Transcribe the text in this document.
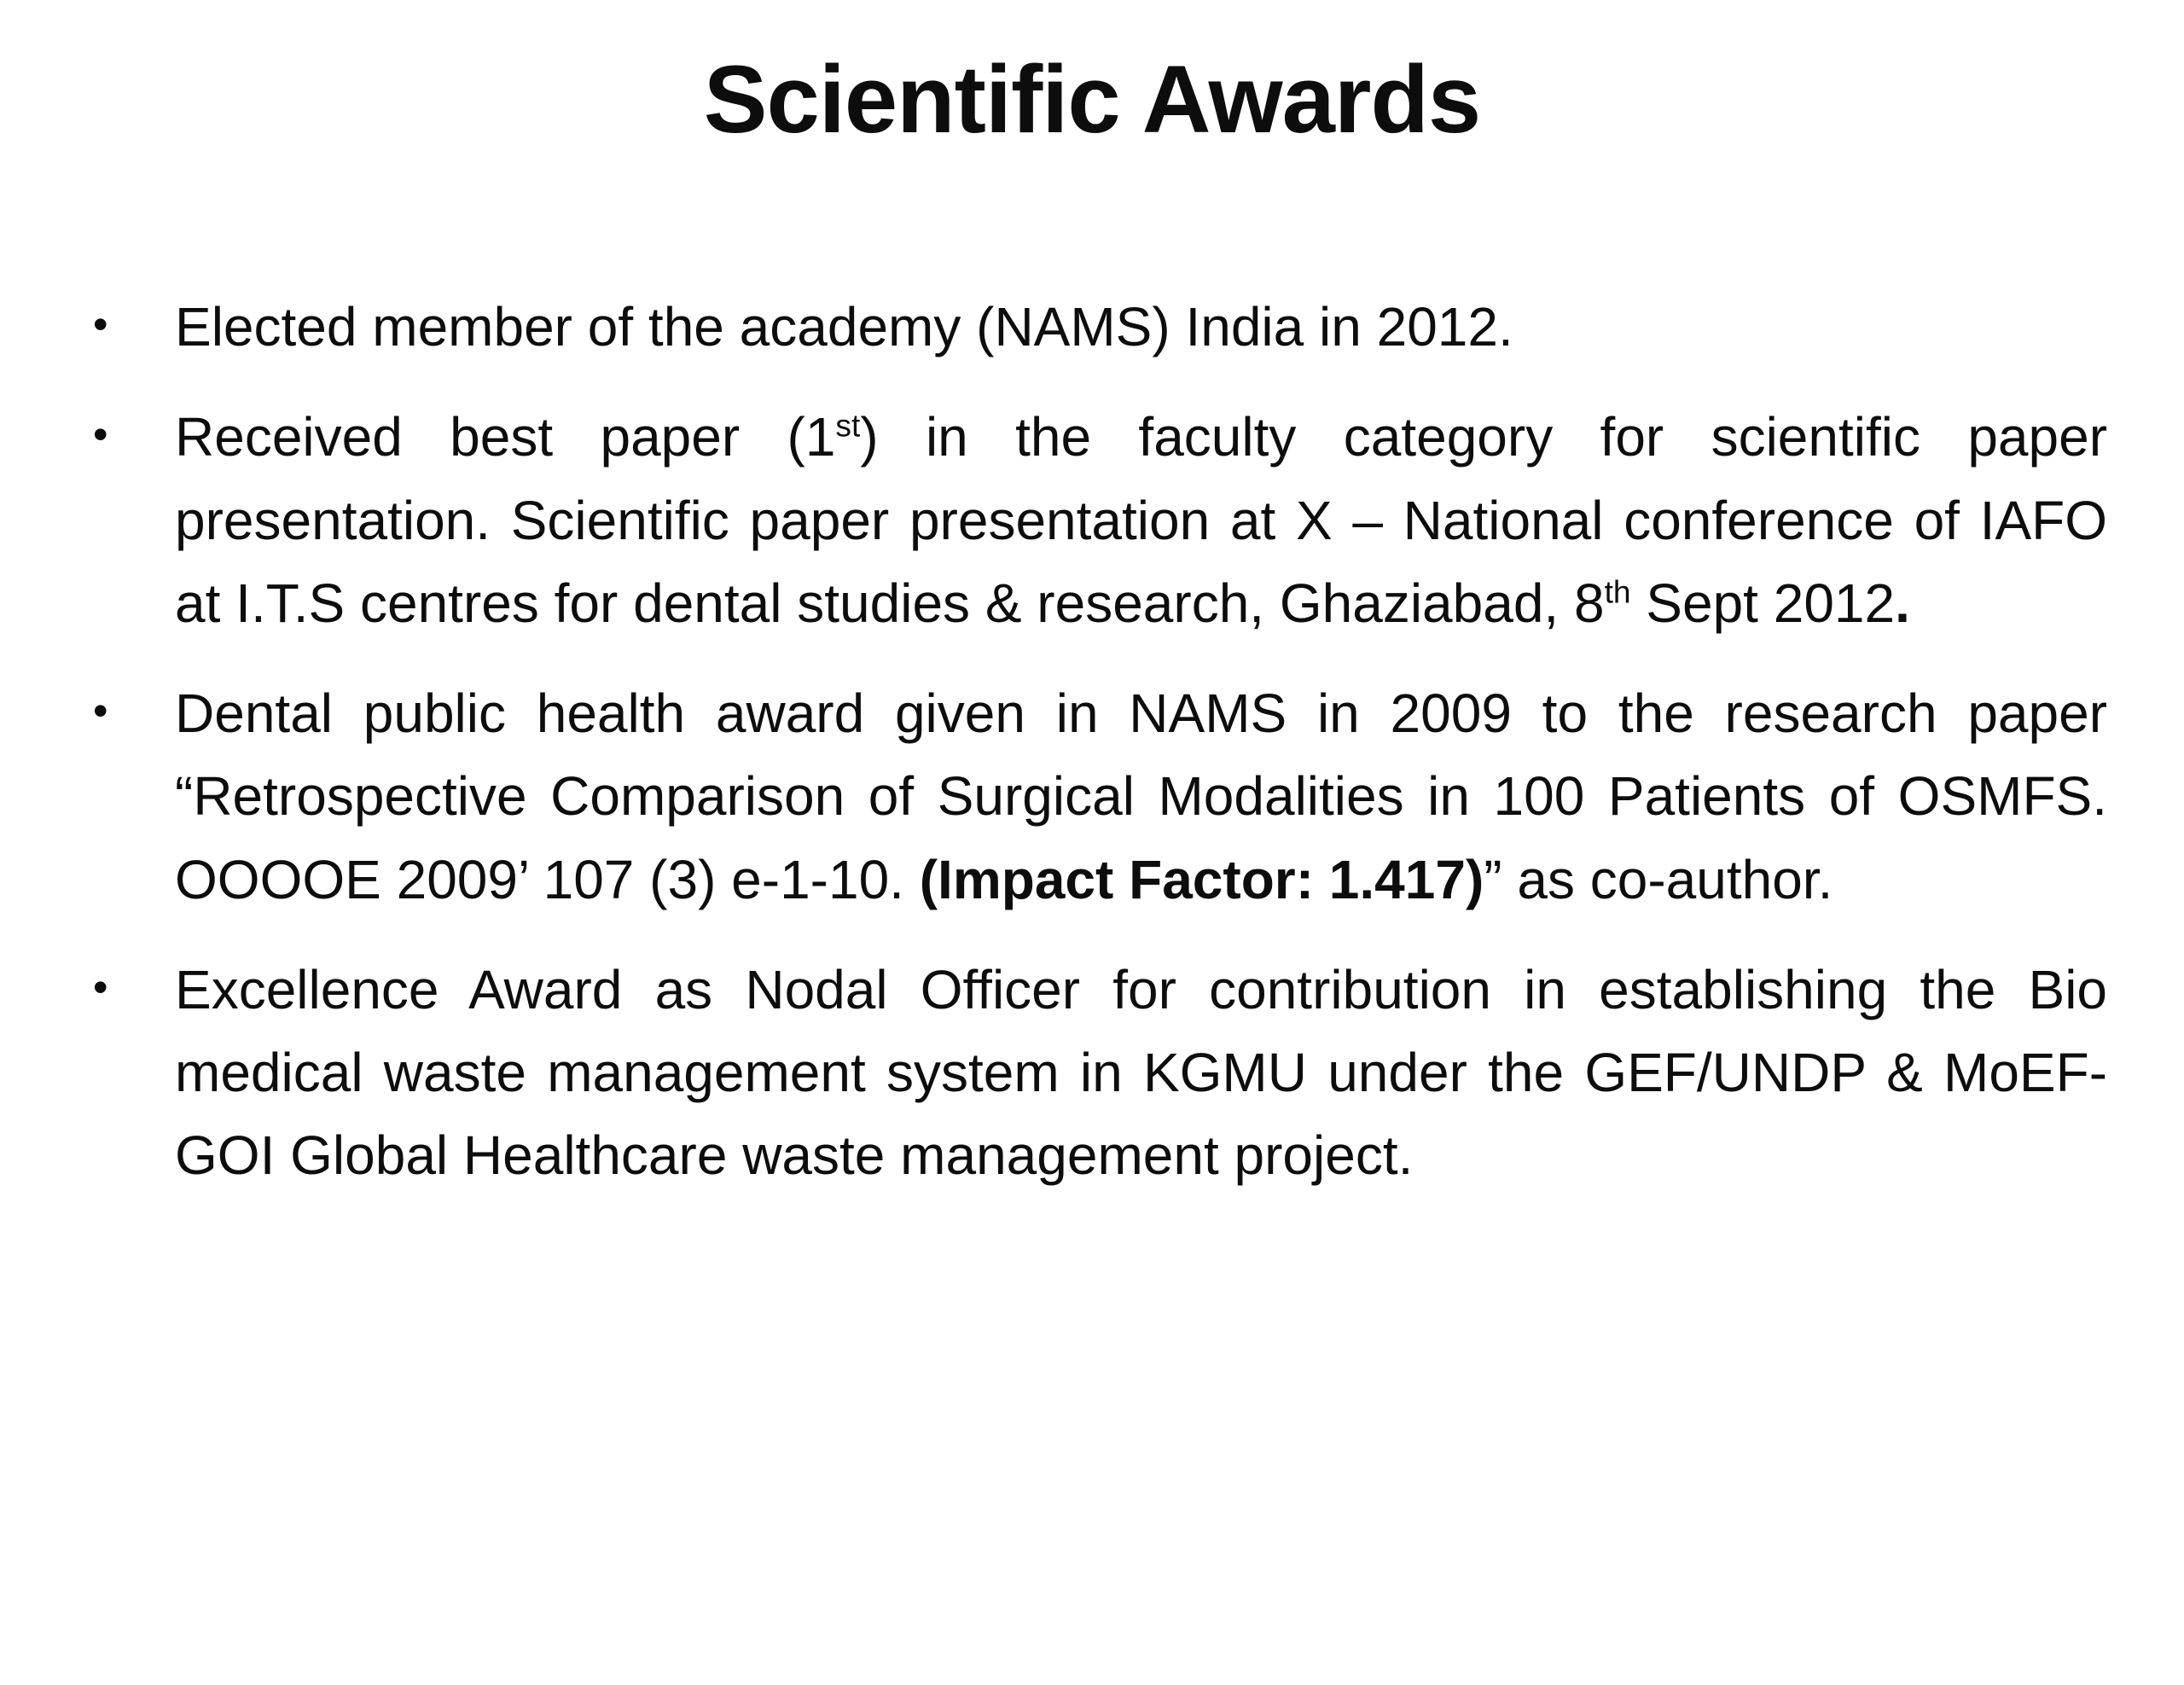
Scientific Awards
• Elected member of the academy (NAMS) India in 2012.
• Received best paper (1st) in the faculty category for scientific paper presentation. Scientific paper presentation at X – National conference of IAFO at I.T.S centres for dental studies & research, Ghaziabad, 8th Sept 2012.
• Dental public health award given in NAMS in 2009 to the research paper “Retrospective Comparison of Surgical Modalities in 100 Patients of OSMFS. OOOOE 2009’ 107 (3) e-1-10. (Impact Factor: 1.417)” as co-author.
• Excellence Award as Nodal Officer for contribution in establishing the Bio medical waste management system in KGMU under the GEF/UNDP & MoEF-GOI Global Healthcare waste management project.
